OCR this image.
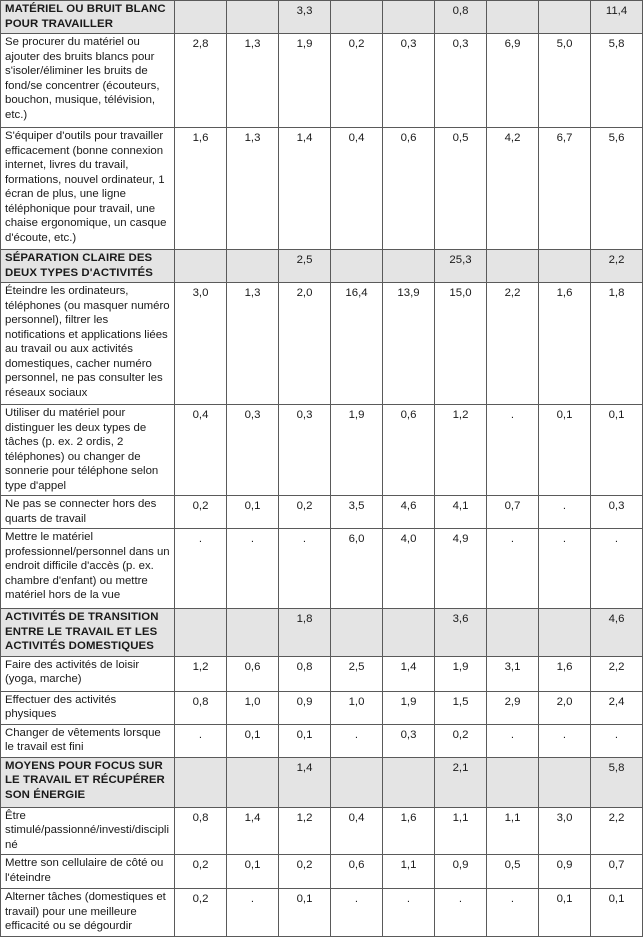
MATÉRIEL OU BRUIT BLANC POUR TRAVAILLER			3,3			0,8			11,4
Se procurer du matériel ou ajouter des bruits blancs pour s'isoler/éliminer les bruits de fond/se concentrer (écouteurs, bouchon, musique, télévision, etc.)	2,8	1,3	1,9	0,2	0,3	0,3	6,9	5,0	5,8
S'équiper d'outils pour travailler efficacement (bonne connexion internet, livres du travail, formations, nouvel ordinateur, 1 écran de plus, une ligne téléphonique pour travail, une chaise ergonomique, un casque d'écoute, etc.)	1,6	1,3	1,4	0,4	0,6	0,5	4,2	6,7	5,6
SÉPARATION CLAIRE DES DEUX TYPES D'ACTIVITÉS			2,5			25,3			2,2
Éteindre les ordinateurs, téléphones (ou masquer numéro personnel), filtrer les notifications et applications liées au travail ou aux activités domestiques, cacher numéro personnel, ne pas consulter les réseaux sociaux	3,0	1,3	2,0	16,4	13,9	15,0	2,2	1,6	1,8
Utiliser du matériel pour distinguer les deux types de tâches (p. ex. 2 ordis, 2 téléphones) ou changer de sonnerie pour téléphone selon type d'appel	0,4	0,3	0,3	1,9	0,6	1,2	.	0,1	0,1
Ne pas se connecter hors des quarts de travail	0,2	0,1	0,2	3,5	4,6	4,1	0,7	.	0,3
Mettre le matériel professionnel/personnel dans un endroit difficile d'accès (p. ex. chambre d'enfant) ou mettre matériel hors de la vue	.	.	.	6,0	4,0	4,9	.	.	.
ACTIVITÉS DE TRANSITION ENTRE LE TRAVAIL ET LES ACTIVITÉS DOMESTIQUES			1,8			3,6			4,6
Faire des activités de loisir (yoga, marche)	1,2	0,6	0,8	2,5	1,4	1,9	3,1	1,6	2,2
Effectuer des activités physiques	0,8	1,0	0,9	1,0	1,9	1,5	2,9	2,0	2,4
Changer de vêtements lorsque le travail est fini	.	0,1	0,1	.	0,3	0,2	.	.	.
MOYENS POUR FOCUS SUR LE TRAVAIL ET RÉCUPÉRER SON ÉNERGIE			1,4			2,1			5,8
Être stimulé/passionné/investi/discipliné	0,8	1,4	1,2	0,4	1,6	1,1	1,1	3,0	2,2
Mettre son cellulaire de côté ou l'éteindre	0,2	0,1	0,2	0,6	1,1	0,9	0,5	0,9	0,7
Alterner tâches (domestiques et travail) pour une meilleure efficacité ou se dégourdir	0,2	.	0,1	.	.	.	.	0,1	0,1
